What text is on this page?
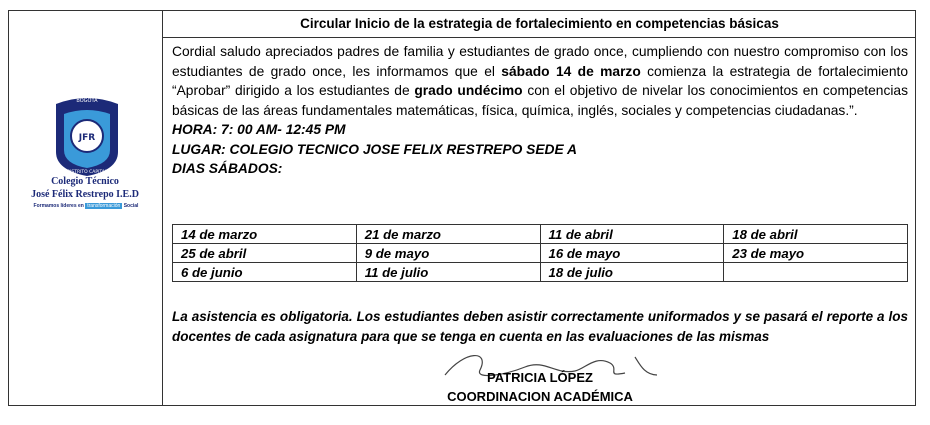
BOGOTÁ
JFR
DISTRITO CAPITAL
Colegio Técnico
José Félix Restrepo I.E.D
Formamos líderes en transformación Social
Circular Inicio de la estrategia de fortalecimiento en competencias básicas

Cordial saludo apreciados padres de familia y estudiantes de grado once, cumpliendo con nuestro compromiso con los estudiantes de grado once, les informamos que el sábado 14 de marzo comienza la estrategia de fortalecimiento “Aprobar” dirigido a los estudiantes de grado undécimo con el objetivo de nivelar los conocimientos en competencias básicas de las áreas fundamentales matemáticas, física, química, inglés, sociales y competencias ciudadanas.”.

HORA: 7: 00 AM- 12:45 PM

LUGAR: COLEGIO TECNICO JOSE FELIX RESTREPO SEDE A

DIAS SÁBADOS:

14 de marzo	21 de marzo	11 de abril	18 de abril
25 de abril	9 de mayo	16 de mayo	23 de mayo
6 de junio	11 de julio	18 de julio	
La asistencia es obligatoria. Los estudiantes deben asistir correctamente uniformados y se pasará el reporte a los docentes de cada asignatura para que se tenga en cuenta en las evaluaciones de las mismas
PATRICIA LÓPEZ
COORDINACION ACADÉMICA
